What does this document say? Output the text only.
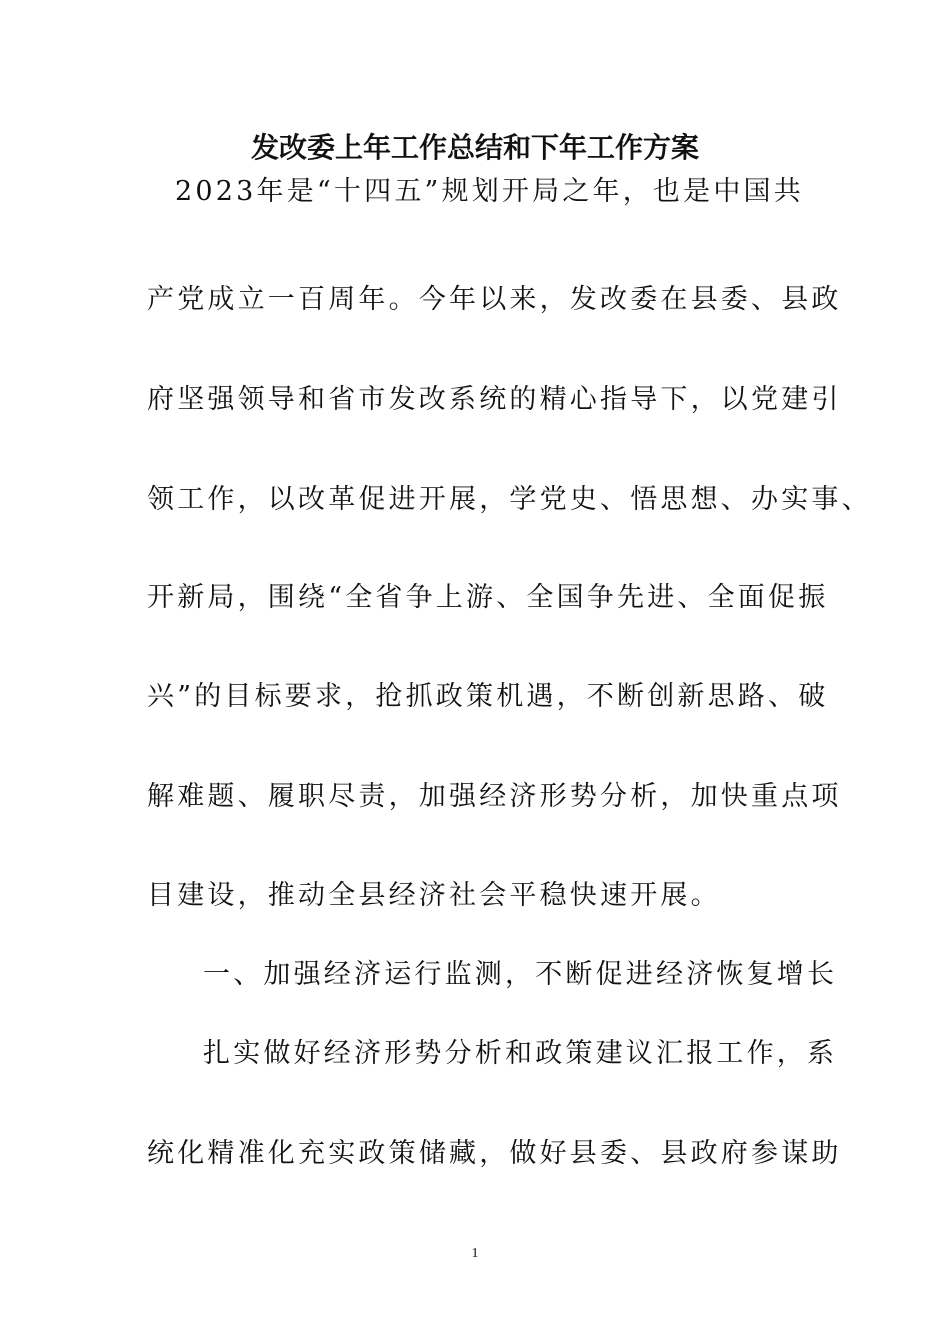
发改委上年工作总结和下年工作方案
2023年是“十四五”规划开局之年，也是中国共
产党成立一百周年。今年以来，发改委在县委、县政
府坚强领导和省市发改系统的精心指导下，以党建引
领工作，以改革促进开展，学党史、悟思想、办实事、
开新局，围绕“全省争上游、全国争先进、全面促振
兴”的目标要求，抢抓政策机遇，不断创新思路、破
解难题、履职尽责，加强经济形势分析，加快重点项
目建设，推动全县经济社会平稳快速开展。
一、加强经济运行监测，不断促进经济恢复增长
扎实做好经济形势分析和政策建议汇报工作，系
统化精准化充实政策储藏，做好县委、县政府参谋助
1
